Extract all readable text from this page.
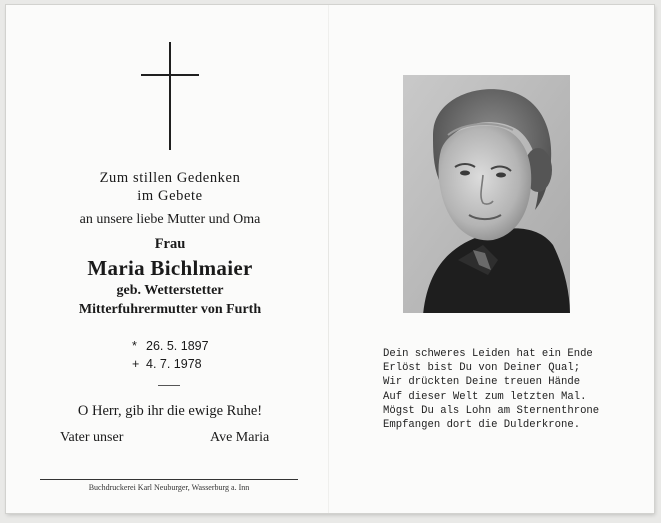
Zum stillen Gedenken
im Gebete
an unsere liebe Mutter und Oma
Frau
Maria Bichlmaier
geb. Wetterstetter
Mitterfuhrermutter von Furth
* 26. 5. 1897
+ 4. 7. 1978
O Herr, gib ihr die ewige Ruhe!
Vater unser	Ave Maria
Buchdruckerei Karl Neuburger, Wasserburg a. Inn
Dein schweres Leiden hat ein Ende
Erlöst bist Du von Deiner Qual;
Wir drückten Deine treuen Hände
Auf dieser Welt zum letzten Mal.
Mögst Du als Lohn am Sternenthrone
Empfangen dort die Dulderkrone.
